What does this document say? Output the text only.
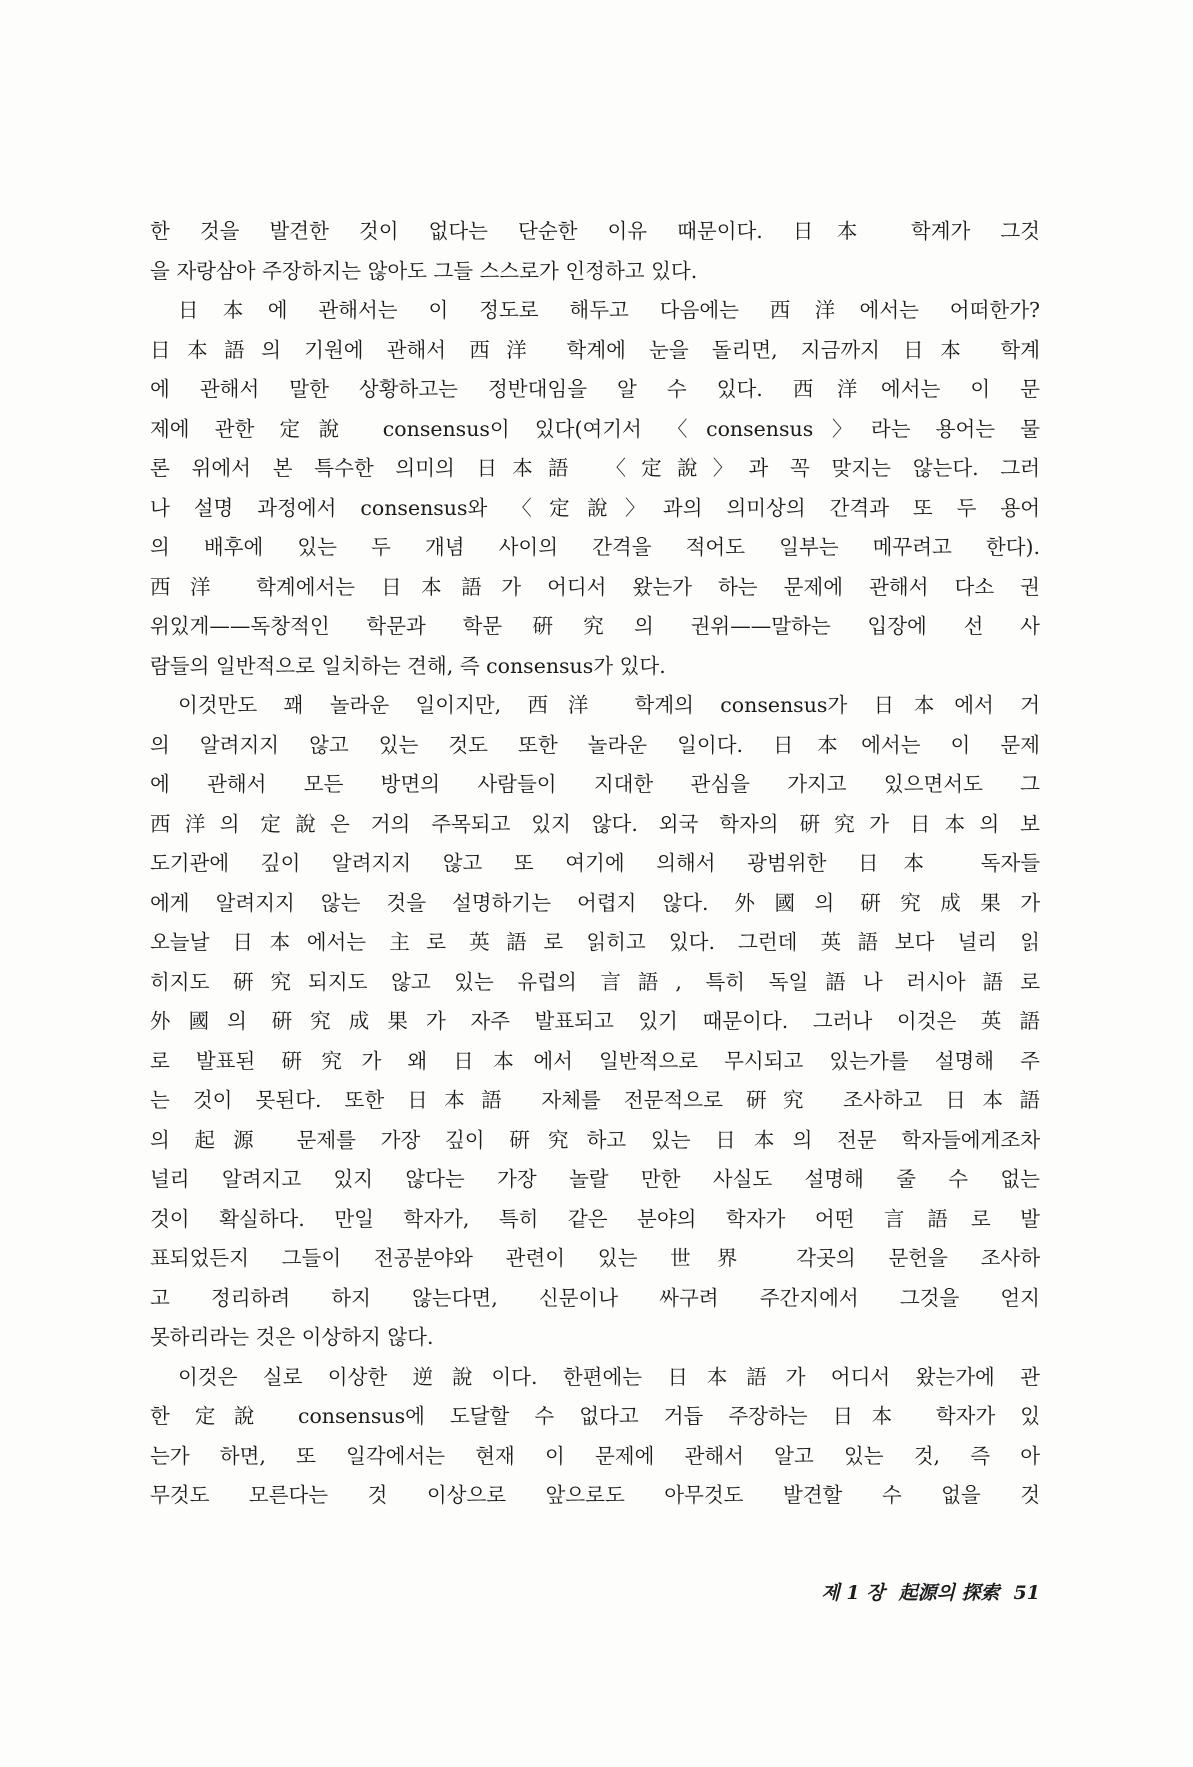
한 것을 발견한 것이 없다는 단순한 이유 때문이다. 日本 학계가 그것
을 자랑삼아 주장하지는 않아도 그들 스스로가 인정하고 있다.
日本에 관해서는 이 정도로 해두고 다음에는 西洋에서는 어떠한가?
日本語의 기원에 관해서 西洋 학계에 눈을 돌리면, 지금까지 日本 학계
에 관해서 말한 상황하고는 정반대임을 알 수 있다. 西洋에서는 이 문
제에 관한 定說 consensus이 있다(여기서 〈consensus〉라는 용어는 물
론 위에서 본 특수한 의미의 日本語 〈定說〉과 꼭 맞지는 않는다. 그러
나 설명 과정에서 consensus와 〈定說〉과의 의미상의 간격과 또 두 용어
의 배후에 있는 두 개념 사이의 간격을 적어도 일부는 메꾸려고 한다).
西洋 학계에서는 日本語가 어디서 왔는가 하는 문제에 관해서 다소 권
위있게——독창적인 학문과 학문硏究의 권위——말하는 입장에 선 사
람들의 일반적으로 일치하는 견해, 즉 consensus가 있다.
이것만도 꽤 놀라운 일이지만, 西洋 학계의 consensus가 日本에서 거
의 알려지지 않고 있는 것도 또한 놀라운 일이다. 日本에서는 이 문제
에 관해서 모든 방면의 사람들이 지대한 관심을 가지고 있으면서도 그
西洋의 定說은 거의 주목되고 있지 않다. 외국 학자의 硏究가 日本의 보
도기관에 깊이 알려지지 않고 또 여기에 의해서 광범위한 日本 독자들
에게 알려지지 않는 것을 설명하기는 어렵지 않다. 外國의 硏究成果가
오늘날 日本에서는 主로 英語로 읽히고 있다. 그런데 英語보다 널리 읽
히지도 硏究되지도 않고 있는 유럽의 言語, 특히 독일語나 러시아語로
外國의 硏究成果가 자주 발표되고 있기 때문이다. 그러나 이것은 英語
로 발표된 硏究가 왜 日本에서 일반적으로 무시되고 있는가를 설명해 주
는 것이 못된다. 또한 日本語 자체를 전문적으로 硏究 조사하고 日本語
의 起源 문제를 가장 깊이 硏究하고 있는 日本의 전문 학자들에게조차
널리 알려지고 있지 않다는 가장 놀랄 만한 사실도 설명해 줄 수 없는
것이 확실하다. 만일 학자가, 특히 같은 분야의 학자가 어떤 言語로 발
표되었든지 그들이 전공분야와 관련이 있는 世界 각곳의 문헌을 조사하
고 정리하려 하지 않는다면, 신문이나 싸구려 주간지에서 그것을 얻지
못하리라는 것은 이상하지 않다.
이것은 실로 이상한 逆說이다. 한편에는 日本語가 어디서 왔는가에 관
한 定說 consensus에 도달할 수 없다고 거듭 주장하는 日本 학자가 있
는가 하면, 또 일각에서는 현재 이 문제에 관해서 알고 있는 것, 즉 아
무것도 모른다는 것 이상으로 앞으로도 아무것도 발견할 수 없을 것
제 1 장 起源의 探索 51
